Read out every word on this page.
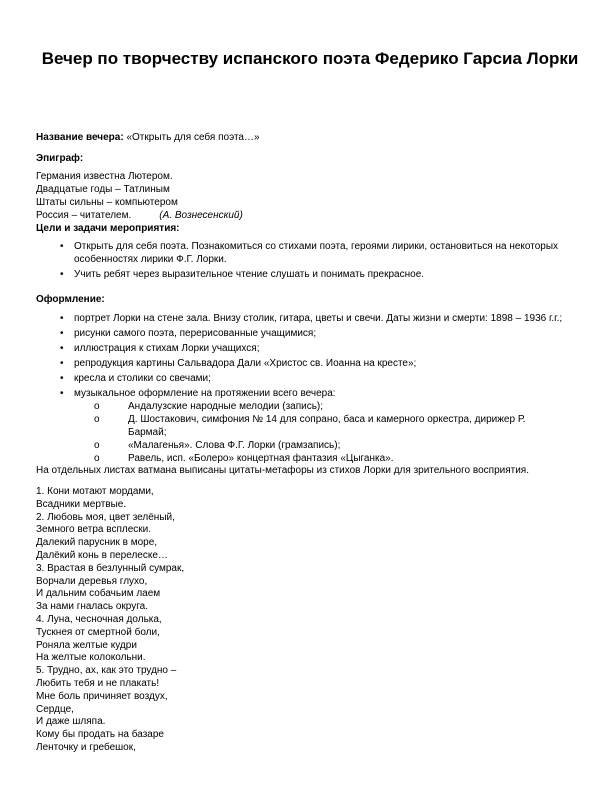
Вечер по творчеству испанского поэта Федерико Гарсиа Лорки
Название вечера: «Открыть для себя поэта…»
Эпиграф:
Германия известна Лютером.
Двадцатые годы – Татлиным
Штаты сильны – компьютером
Россия – читателем.	(А. Вознесенский)
Цели и задачи мероприятия:
• Открыть для себя поэта. Познакомиться со стихами поэта, героями лирики, остановиться на некоторых особенностях лирики Ф.Г. Лорки.
• Учить ребят через выразительное чтение слушать и понимать прекрасное.
Оформление:
• портрет Лорки на стене зала. Внизу столик, гитара, цветы и свечи. Даты жизни и смерти: 1898 – 1936 г.г.;
• рисунки самого поэта, перерисованные учащимися;
• иллюстрация к стихам Лорки учащихся;
• репродукция картины Сальвадора Дали «Христос св. Иоанна на кресте»;
• кресла и столики со свечами;
• музыкальное оформление на протяжении всего вечера:
o	Андалузские народные мелодии (запись);
o	Д. Шостакович, симфония № 14 для сопрано, баса и камерного оркестра, дирижер Р. Бармай;
o	«Малагенья». Слова Ф.Г. Лорки (грамзапись);
o	Равель, исп. «Болеро» концертная фантазия «Цыганка».
На отдельных листах ватмана выписаны цитаты-метафоры из стихов Лорки для зрительного восприятия.
1. Кони мотают мордами,
Всадники мертвые.
2. Любовь моя, цвет зелёный,
Земного ветра всплески.
Далекий парусник в море,
Далёкий конь в перелеске…
3. Врастая в безлунный сумрак,
Ворчали деревья глухо,
И дальним собачьим лаем
За нами гналась округа.
4. Луна, чесночная долька,
Тускнея от смертной боли,
Роняла желтые кудри
На желтые колокольни.
5. Трудно, ах, как это трудно –
Любить тебя и не плакать!
Мне боль причиняет воздух,
Сердце,
И даже шляпа.
Кому бы продать на базаре
Ленточку и гребешок,
